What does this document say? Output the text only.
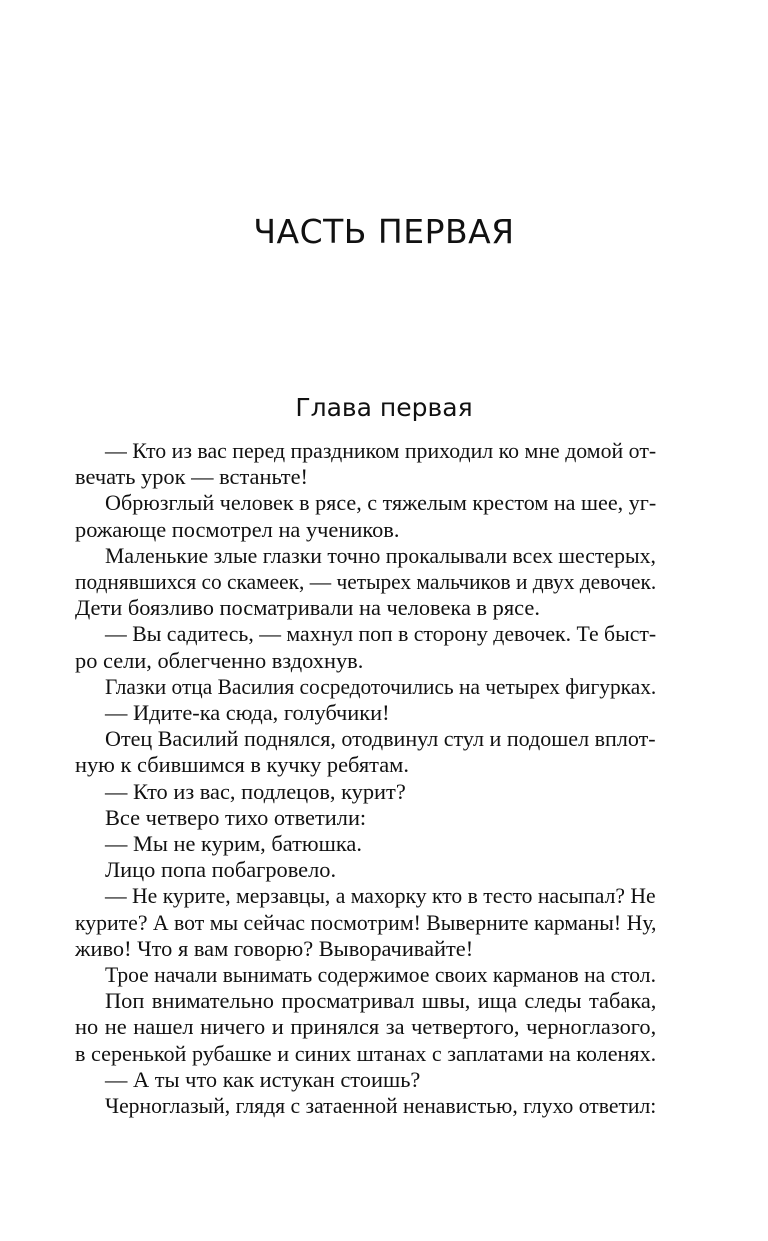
ЧАСТЬ ПЕРВАЯ
Глава первая
— Кто из вас перед праздником приходил ко мне домой от-
вечать урок — встаньте!
Обрюзглый человек в рясе, с тяжелым крестом на шее, уг-
рожающе посмотрел на учеников.
Маленькие злые глазки точно прокалывали всех шестерых,
поднявшихся со скамеек, — четырех мальчиков и двух девочек.
Дети боязливо посматривали на человека в рясе.
— Вы садитесь, — махнул поп в сторону девочек. Те быст-
ро сели, облегченно вздохнув.
Глазки отца Василия сосредоточились на четырех фигурках.
— Идите-ка сюда, голубчики!
Отец Василий поднялся, отодвинул стул и подошел вплот-
ную к сбившимся в кучку ребятам.
— Кто из вас, подлецов, курит?
Все четверо тихо ответили:
— Мы не курим, батюшка.
Лицо попа побагровело.
— Не курите, мерзавцы, а махорку кто в тесто насыпал? Не
курите? А вот мы сейчас посмотрим! Выверните карманы! Ну,
живо! Что я вам говорю? Выворачивайте!
Трое начали вынимать содержимое своих карманов на стол.
Поп внимательно просматривал швы, ища следы табака,
но не нашел ничего и принялся за четвертого, черноглазого,
в серенькой рубашке и синих штанах с заплатами на коленях.
— А ты что как истукан стоишь?
Черноглазый, глядя с затаенной ненавистью, глухо ответил:
